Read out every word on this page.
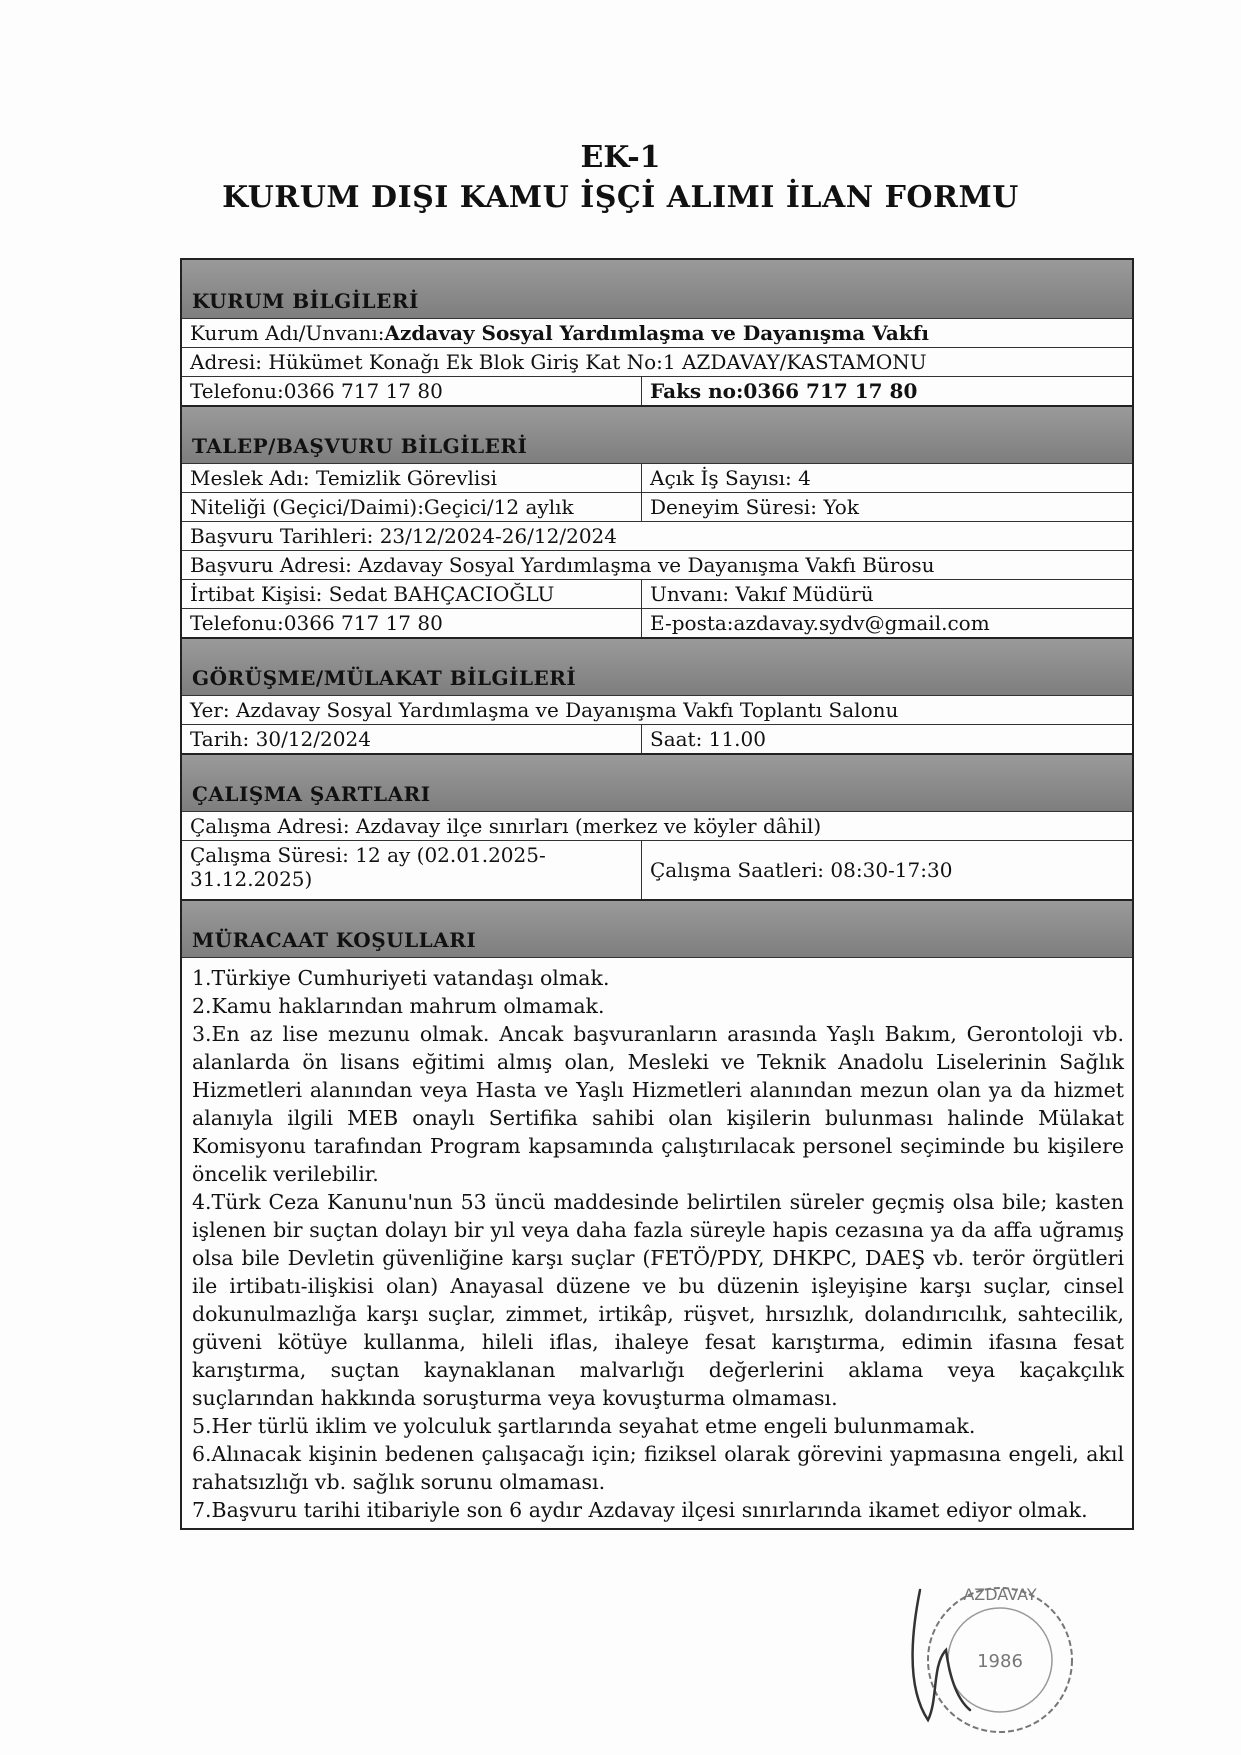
EK-1
KURUM DIŞI KAMU İŞÇİ ALIMI İLAN FORMU
KURUM BİLGİLERİ
Kurum Adı/Unvanı: Azdavay Sosyal Yardımlaşma ve Dayanışma Vakfı
Adresi: Hükümet Konağı Ek Blok Giriş Kat No:1 AZDAVAY/KASTAMONU
Telefonu:0366 717 17 80	Faks no:0366 717 17 80
TALEP/BAŞVURU BİLGİLERİ
Meslek Adı: Temizlik Görevlisi	Açık İş Sayısı: 4
Niteliği (Geçici/Daimi):Geçici/12 aylık	Deneyim Süresi: Yok
Başvuru Tarihleri: 23/12/2024-26/12/2024
Başvuru Adresi: Azdavay Sosyal Yardımlaşma ve Dayanışma Vakfı Bürosu
İrtibat Kişisi: Sedat BAHÇACIOĞLU	Unvanı: Vakıf Müdürü
Telefonu:0366 717 17 80	E-posta:azdavay.sydv@gmail.com
GÖRÜŞME/MÜLAKAT BİLGİLERİ
Yer: Azdavay Sosyal Yardımlaşma ve Dayanışma Vakfı Toplantı Salonu
Tarih: 30/12/2024	Saat: 11.00
ÇALIŞMA ŞARTLARI
Çalışma Adresi: Azdavay ilçe sınırları (merkez ve köyler dâhil)
Çalışma Süresi: 12 ay (02.01.2025-31.12.2025)	Çalışma Saatleri: 08:30-17:30
MÜRACAAT KOŞULLARI

1.Türkiye Cumhuriyeti vatandaşı olmak.

2.Kamu haklarından mahrum olmamak.

3.En az lise mezunu olmak. Ancak başvuranların arasında Yaşlı Bakım, Gerontoloji vb. alanlarda ön lisans eğitimi almış olan, Mesleki ve Teknik Anadolu Liselerinin Sağlık Hizmetleri alanından veya Hasta ve Yaşlı Hizmetleri alanından mezun olan ya da hizmet alanıyla ilgili MEB onaylı Sertifika sahibi olan kişilerin bulunması halinde Mülakat Komisyonu tarafından Program kapsamında çalıştırılacak personel seçiminde bu kişilere öncelik verilebilir.

4.Türk Ceza Kanunu'nun 53 üncü maddesinde belirtilen süreler geçmiş olsa bile; kasten işlenen bir suçtan dolayı bir yıl veya daha fazla süreyle hapis cezasına ya da affa uğramış olsa bile Devletin güvenliğine karşı suçlar (FETÖ/PDY, DHKPC, DAEŞ vb. terör örgütleri ile irtibatı-ilişkisi olan) Anayasal düzene ve bu düzenin işleyişine karşı suçlar, cinsel dokunulmazlığa karşı suçlar, zimmet, irtikâp, rüşvet, hırsızlık, dolandırıcılık, sahtecilik, güveni kötüye kullanma, hileli iflas, ihaleye fesat karıştırma, edimin ifasına fesat karıştırma, suçtan kaynaklanan malvarlığı değerlerini aklama veya kaçakçılık suçlarından hakkında soruşturma veya kovuşturma olmaması.

5.Her türlü iklim ve yolculuk şartlarında seyahat etme engeli bulunmamak.

6.Alınacak kişinin bedenen çalışacağı için; fiziksel olarak görevini yapmasına engeli, akıl rahatsızlığı vb. sağlık sorunu olmaması.

7.Başvuru tarihi itibariyle son 6 aydır Azdavay ilçesi sınırlarında ikamet ediyor olmak.

AZDAVAY
1986
